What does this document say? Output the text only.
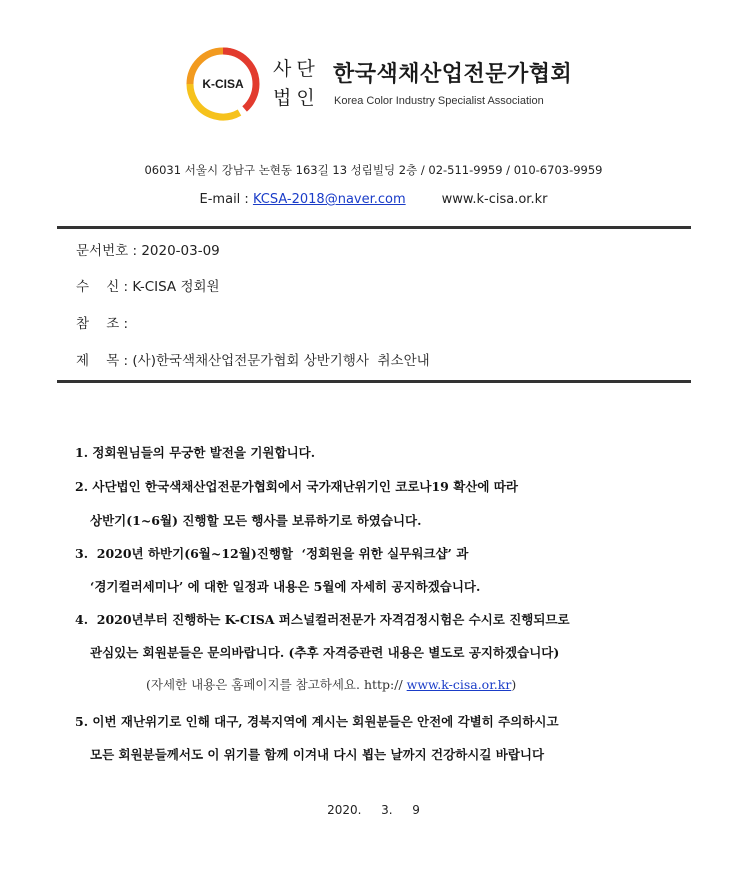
K-CISA
사단
법인
한국색채산업전문가협회
Korea Color Industry Specialist Association
06031 서울시 강남구 논현동 163길 13 성림빌딩 2층 / 02-511-9959 / 010-6703-9959
E-mail : KCSA-2018@naver.com	www.k-cisa.or.kr
문서번호 : 2020-03-09
수    신 : K-CISA 정회원
참    조 :
제    목 : (사)한국색채산업전문가협회 상반기행사  취소안내
1. 정회원님들의 무궁한 발전을 기원합니다.
2. 사단법인 한국색채산업전문가협회에서 국가재난위기인 코로나19 확산에 따라
상반기(1~6월) 진행할 모든 행사를 보류하기로 하였습니다.
3.  2020년 하반기(6월~12월)진행할  ‘정회원을 위한 실무워크샵’ 과
‘경기컬러세미나’ 에 대한 일정과 내용은 5월에 자세히 공지하겠습니다.
4.  2020년부터 진행하는 K-CISA 퍼스널컬러전문가 자격검정시험은 수시로 진행되므로
관심있는 회원분들은 문의바랍니다. (추후 자격증관련 내용은 별도로 공지하겠습니다)
(자세한 내용은 홈페이지를 참고하세요. http:// www.k-cisa.or.kr)
5. 이번 재난위기로 인해 대구, 경북지역에 계시는 회원분들은 안전에 각별히 주의하시고
모든 회원분들께서도 이 위기를 함께 이겨내 다시 뵙는 날까지 건강하시길 바랍니다
2020.  3.  9
